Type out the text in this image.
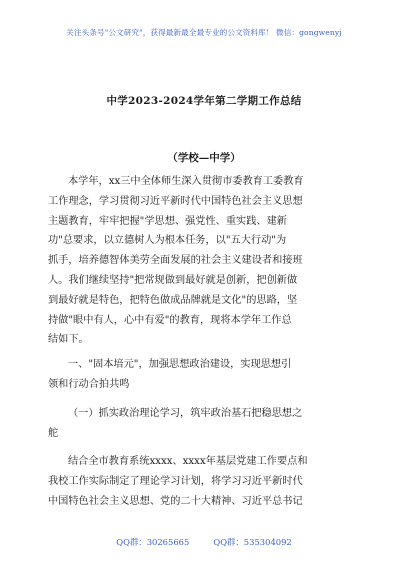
关注头条号"公文研究"，获得最新最全最专业的公文资料库！ 微信：gongwenyj
中学2023-2024学年第二学期工作总结
（学校—中学）
本学年，xx三中全体师生深入贯彻市委教育工委教育
工作理念，学习贯彻习近平新时代中国特色社会主义思想
主题教育，牢牢把握"学思想、强党性、重实践、建新
功"总要求，以立德树人为根本任务，以"五大行动"为
抓手，培养德智体美劳全面发展的社会主义建设者和接班
人。我们继续坚持"把常规做到最好就是创新，把创新做
到最好就是特色，把特色做成品牌就是文化"的思路，坚
持做"眼中有人，心中有爱"的教育，现将本学年工作总
结如下。
一、"固本培元"，加强思想政治建设，实现思想引
领和行动合拍共鸣
（一）抓实政治理论学习，筑牢政治基石把稳思想之
舵
结合全市教育系统xxxx、xxxx年基层党建工作要点和
我校工作实际制定了理论学习计划，将学习习近平新时代
中国特色社会主义思想、党的二十大精神、习近平总书记
QQ群：30265665	QQ群：535304092
